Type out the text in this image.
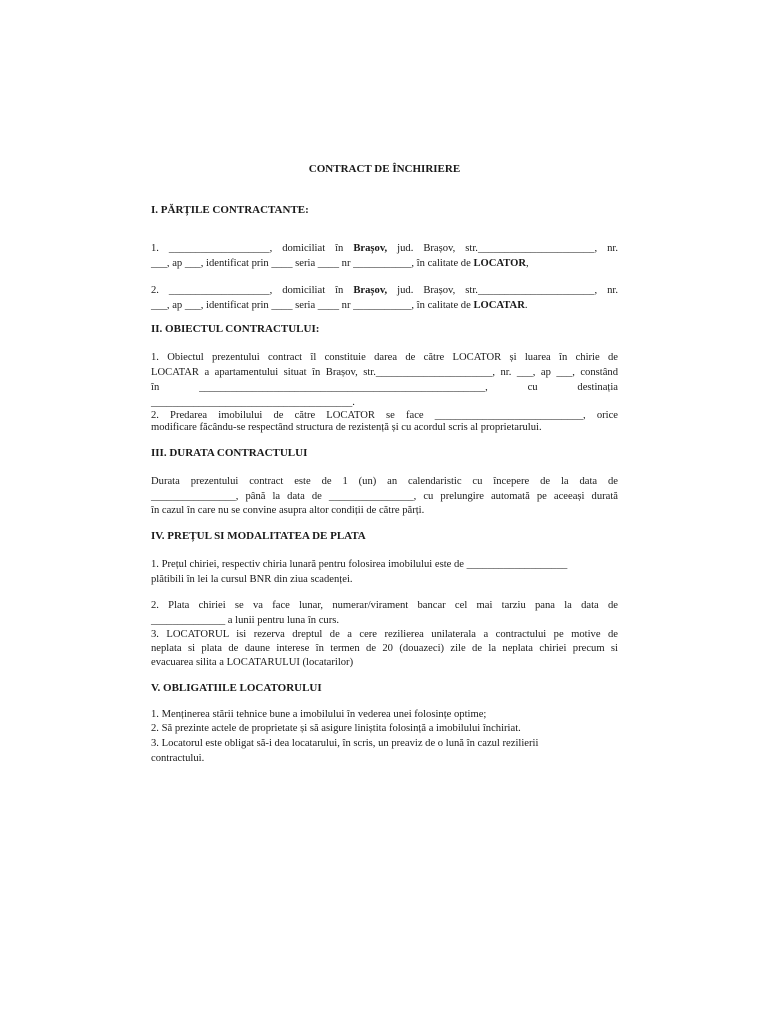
CONTRACT DE ÎNCHIRIERE
I. PĂRȚILE CONTRACTANTE:

1. ___________________, domiciliat în Brașov, jud. Brașov, str.______________________, nr.

___, ap ___, identificat prin ____ seria ____ nr ___________, în calitate de LOCATOR,

2. ___________________, domiciliat în Brașov, jud. Brașov, str.______________________, nr.

___, ap ___, identificat prin ____ seria ____ nr ___________, în calitate de LOCATAR.

II. OBIECTUL CONTRACTULUI:

1. Obiectul prezentului contract îl constituie darea de către LOCATOR și luarea în chirie de

LOCATAR a apartamentului situat în Brașov, str.______________________, nr. ___, ap ___, constând

în ______________________________________________________, cu destinația

______________________________________.

2. Predarea imobilului de către LOCATOR se face ____________________________, orice

modificare făcându-se respectând structura de rezistență și cu acordul scris al proprietarului.

III. DURATA CONTRACTULUI

Durata prezentului contract este de 1 (un) an calendaristic cu începere de la data de

________________, până la data de ________________, cu prelungire automată pe aceeași durată

în cazul în care nu se convine asupra altor condiții de către părți.

IV. PREȚUL SI MODALITATEA DE PLATA

1. Prețul chiriei, respectiv chiria lunară pentru folosirea imobilului este de ___________________

plătibili în lei la cursul BNR din ziua scadenței.

2. Plata chiriei se va face lunar, numerar/virament bancar cel mai tarziu pana la data de

______________ a lunii pentru luna în curs.

3. LOCATORUL isi rezerva dreptul de a cere rezilierea unilaterala a contractului pe motive de

neplata si plata de daune interese în termen de 20 (douazeci) zile de la neplata chiriei precum si

evacuarea silita a LOCATARULUI (locatarilor)

V. OBLIGATIILE LOCATORULUI

1. Menținerea stării tehnice bune a imobilului în vederea unei folosințe optime;

2. Să prezinte actele de proprietate și să asigure liniștita folosință a imobilului închiriat.

3. Locatorul este obligat să-i dea locatarului, în scris, un preaviz de o lună în cazul rezilierii

contractului.
